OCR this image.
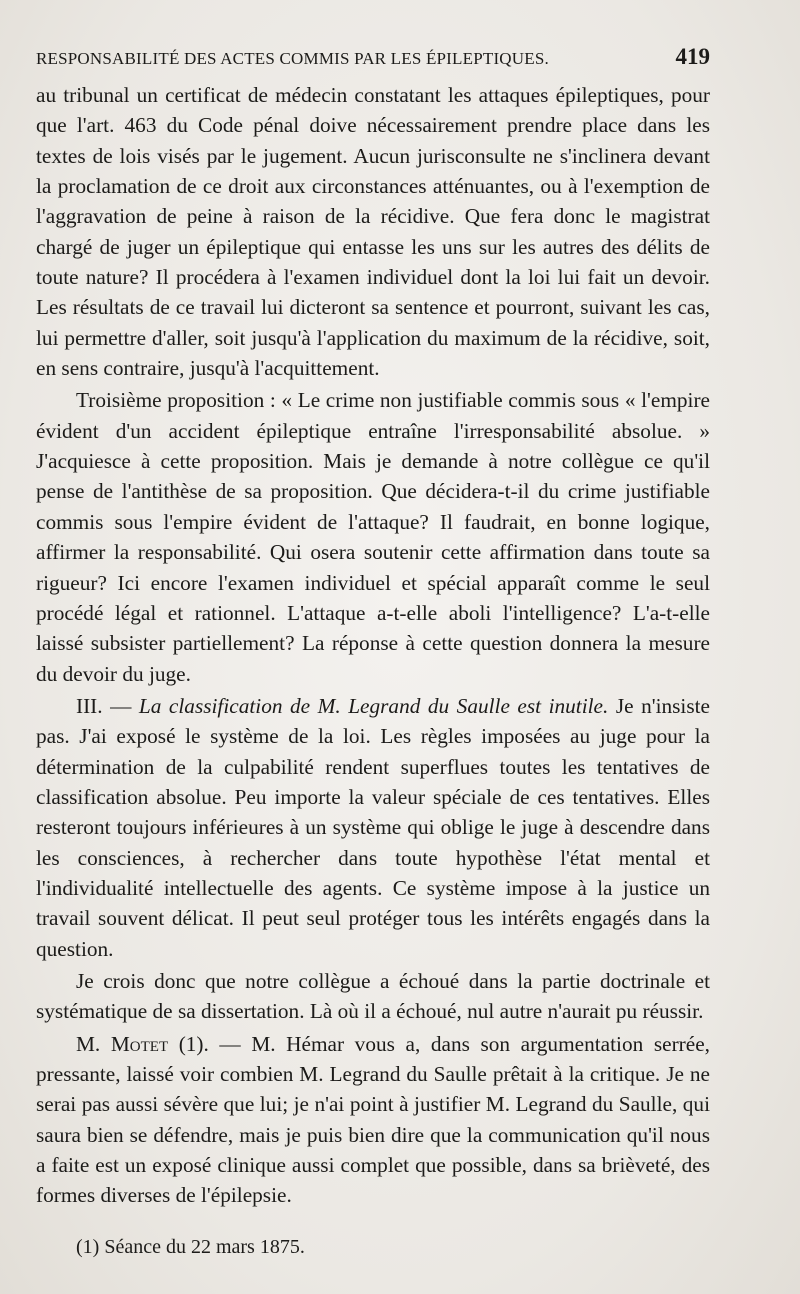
RESPONSABILITÉ DES ACTES COMMIS PAR LES ÉPILEPTIQUES.	419

au tribunal un certificat de médecin constatant les attaques épileptiques, pour que l'art. 463 du Code pénal doive nécessairement prendre place dans les textes de lois visés par le jugement. Aucun jurisconsulte ne s'inclinera devant la proclamation de ce droit aux circonstances atténuantes, ou à l'exemption de l'aggravation de peine à raison de la récidive. Que fera donc le magistrat chargé de juger un épileptique qui entasse les uns sur les autres des délits de toute nature? Il procédera à l'examen individuel dont la loi lui fait un devoir. Les résultats de ce travail lui dicteront sa sentence et pourront, suivant les cas, lui permettre d'aller, soit jusqu'à l'application du maximum de la récidive, soit, en sens contraire, jusqu'à l'acquittement.

Troisième proposition : « Le crime non justifiable commis sous « l'empire évident d'un accident épileptique entraîne l'irresponsabilité absolue. » J'acquiesce à cette proposition. Mais je demande à notre collègue ce qu'il pense de l'antithèse de sa proposition. Que décidera-t-il du crime justifiable commis sous l'empire évident de l'attaque? Il faudrait, en bonne logique, affirmer la responsabilité. Qui osera soutenir cette affirmation dans toute sa rigueur? Ici encore l'examen individuel et spécial apparaît comme le seul procédé légal et rationnel. L'attaque a-t-elle aboli l'intelligence? L'a-t-elle laissé subsister partiellement? La réponse à cette question donnera la mesure du devoir du juge.

III. — La classification de M. Legrand du Saulle est inutile. Je n'insiste pas. J'ai exposé le système de la loi. Les règles imposées au juge pour la détermination de la culpabilité rendent superflues toutes les tentatives de classification absolue. Peu importe la valeur spéciale de ces tentatives. Elles resteront toujours inférieures à un système qui oblige le juge à descendre dans les consciences, à rechercher dans toute hypothèse l'état mental et l'individualité intellectuelle des agents. Ce système impose à la justice un travail souvent délicat. Il peut seul protéger tous les intérêts engagés dans la question.

Je crois donc que notre collègue a échoué dans la partie doctrinale et systématique de sa dissertation. Là où il a échoué, nul autre n'aurait pu réussir.

M. Motet (1). — M. Hémar vous a, dans son argumentation serrée, pressante, laissé voir combien M. Legrand du Saulle prêtait à la critique. Je ne serai pas aussi sévère que lui; je n'ai point à justifier M. Legrand du Saulle, qui saura bien se défendre, mais je puis bien dire que la communication qu'il nous a faite est un exposé clinique aussi complet que possible, dans sa brièveté, des formes diverses de l'épilepsie.

(1) Séance du 22 mars 1875.
